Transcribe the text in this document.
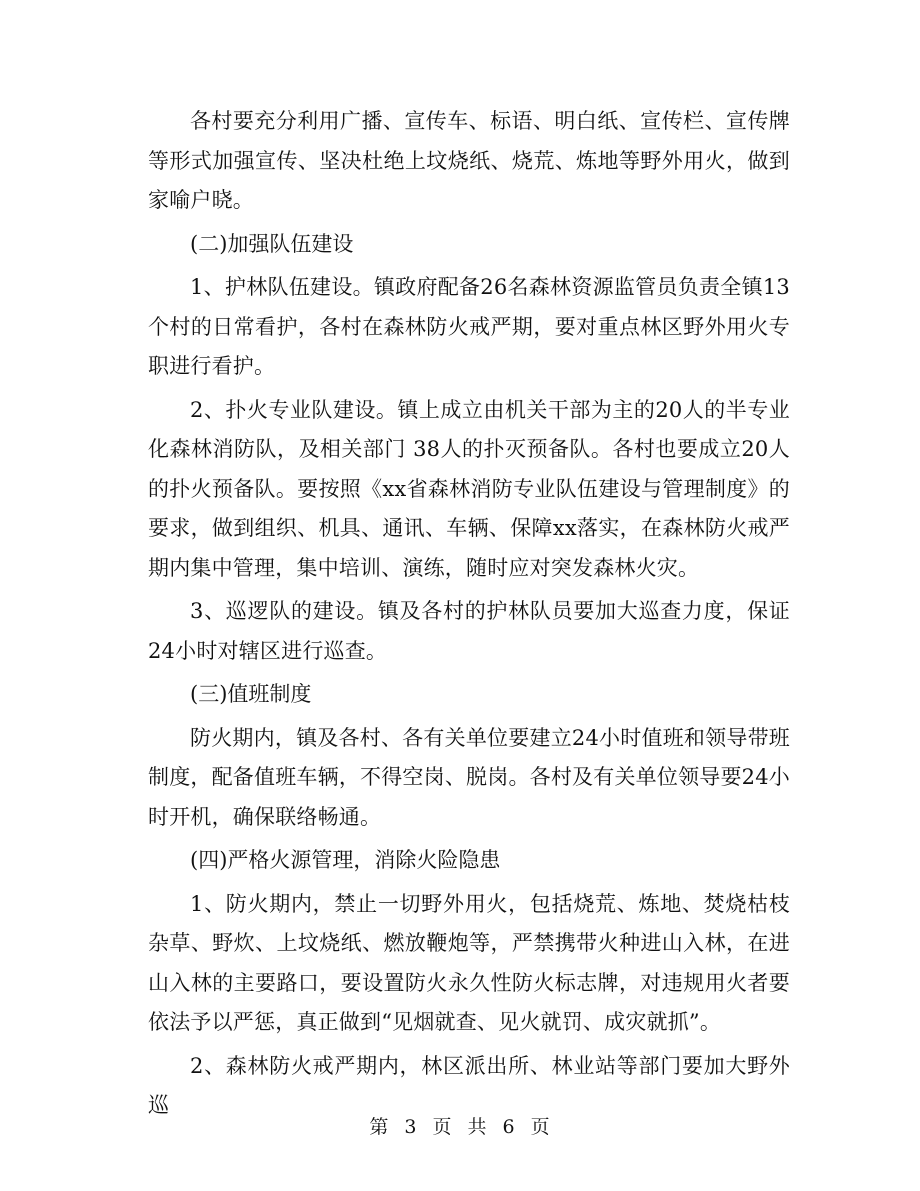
各村要充分利用广播、宣传车、标语、明白纸、宣传栏、宣传牌等形式加强宣传、坚决杜绝上坟烧纸、烧荒、炼地等野外用火，做到家喻户晓。

(二)加强队伍建设

1、护林队伍建设。镇政府配备26名森林资源监管员负责全镇13个村的日常看护，各村在森林防火戒严期，要对重点林区野外用火专职进行看护。

2、扑火专业队建设。镇上成立由机关干部为主的20人的半专业化森林消防队，及相关部门 38人的扑灭预备队。各村也要成立20人的扑火预备队。要按照《xx省森林消防专业队伍建设与管理制度》的要求，做到组织、机具、通讯、车辆、保障xx落实，在森林防火戒严期内集中管理，集中培训、演练，随时应对突发森林火灾。

3、巡逻队的建设。镇及各村的护林队员要加大巡查力度，保证24小时对辖区进行巡查。

(三)值班制度

防火期内，镇及各村、各有关单位要建立24小时值班和领导带班制度，配备值班车辆，不得空岗、脱岗。各村及有关单位领导要24小时开机，确保联络畅通。

(四)严格火源管理，消除火险隐患

1、防火期内，禁止一切野外用火，包括烧荒、炼地、焚烧枯枝杂草、野炊、上坟烧纸、燃放鞭炮等，严禁携带火种进山入林，在进山入林的主要路口，要设置防火永久性防火标志牌，对违规用火者要依法予以严惩，真正做到“见烟就查、见火就罚、成灾就抓”。

2、森林防火戒严期内，林区派出所、林业站等部门要加大野外巡

第 3 页 共 6 页
